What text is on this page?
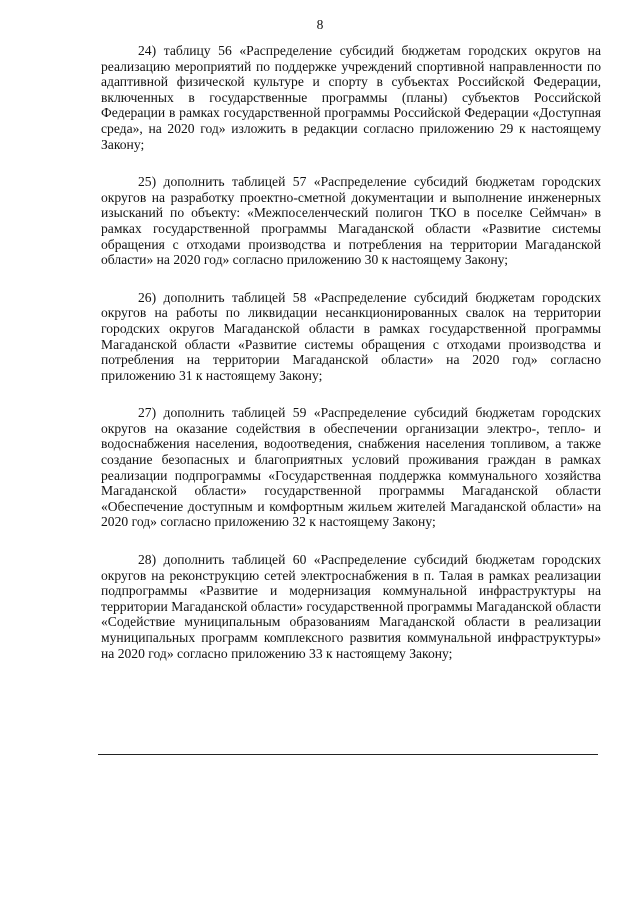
8

24) таблицу 56 «Распределение субсидий бюджетам городских округов на реализацию мероприятий по поддержке учреждений спортивной направленности по адаптивной физической культуре и спорту в субъектах Российской Федерации, включенных в государственные программы (планы) субъектов Российской Федерации в рамках государственной программы Российской Федерации «Доступная среда», на 2020 год» изложить в редакции согласно приложению 29 к настоящему Закону;

25) дополнить таблицей 57 «Распределение субсидий бюджетам городских округов на разработку проектно-сметной документации и выполнение инженерных изысканий по объекту: «Межпоселенческий полигон ТКО в поселке Сеймчан» в рамках государственной программы Магаданской области «Развитие системы обращения с отходами производства и потребления на территории Магаданской области» на 2020 год» согласно приложению 30 к настоящему Закону;

26) дополнить таблицей 58 «Распределение субсидий бюджетам городских округов на работы по ликвидации несанкционированных свалок на территории городских округов Магаданской области в рамках государственной программы Магаданской области «Развитие системы обращения с отходами производства и потребления на территории Магаданской области» на 2020 год» согласно приложению 31 к настоящему Закону;

27) дополнить таблицей 59 «Распределение субсидий бюджетам городских округов на оказание содействия в обеспечении организации электро-, тепло- и водоснабжения населения, водоотведения, снабжения населения топливом, а также создание безопасных и благоприятных условий проживания граждан в рамках реализации подпрограммы «Государственная поддержка коммунального хозяйства Магаданской области» государственной программы Магаданской области «Обеспечение доступным и комфортным жильем жителей Магаданской области» на 2020 год» согласно приложению 32 к настоящему Закону;

28) дополнить таблицей 60 «Распределение субсидий бюджетам городских округов на реконструкцию сетей электроснабжения в п. Талая в рамках реализации подпрограммы «Развитие и модернизация коммунальной инфраструктуры на территории Магаданской области» государственной программы Магаданской области «Содействие муниципальным образованиям Магаданской области в реализации муниципальных программ комплексного развития коммунальной инфраструктуры» на 2020 год» согласно приложению 33 к настоящему Закону;
